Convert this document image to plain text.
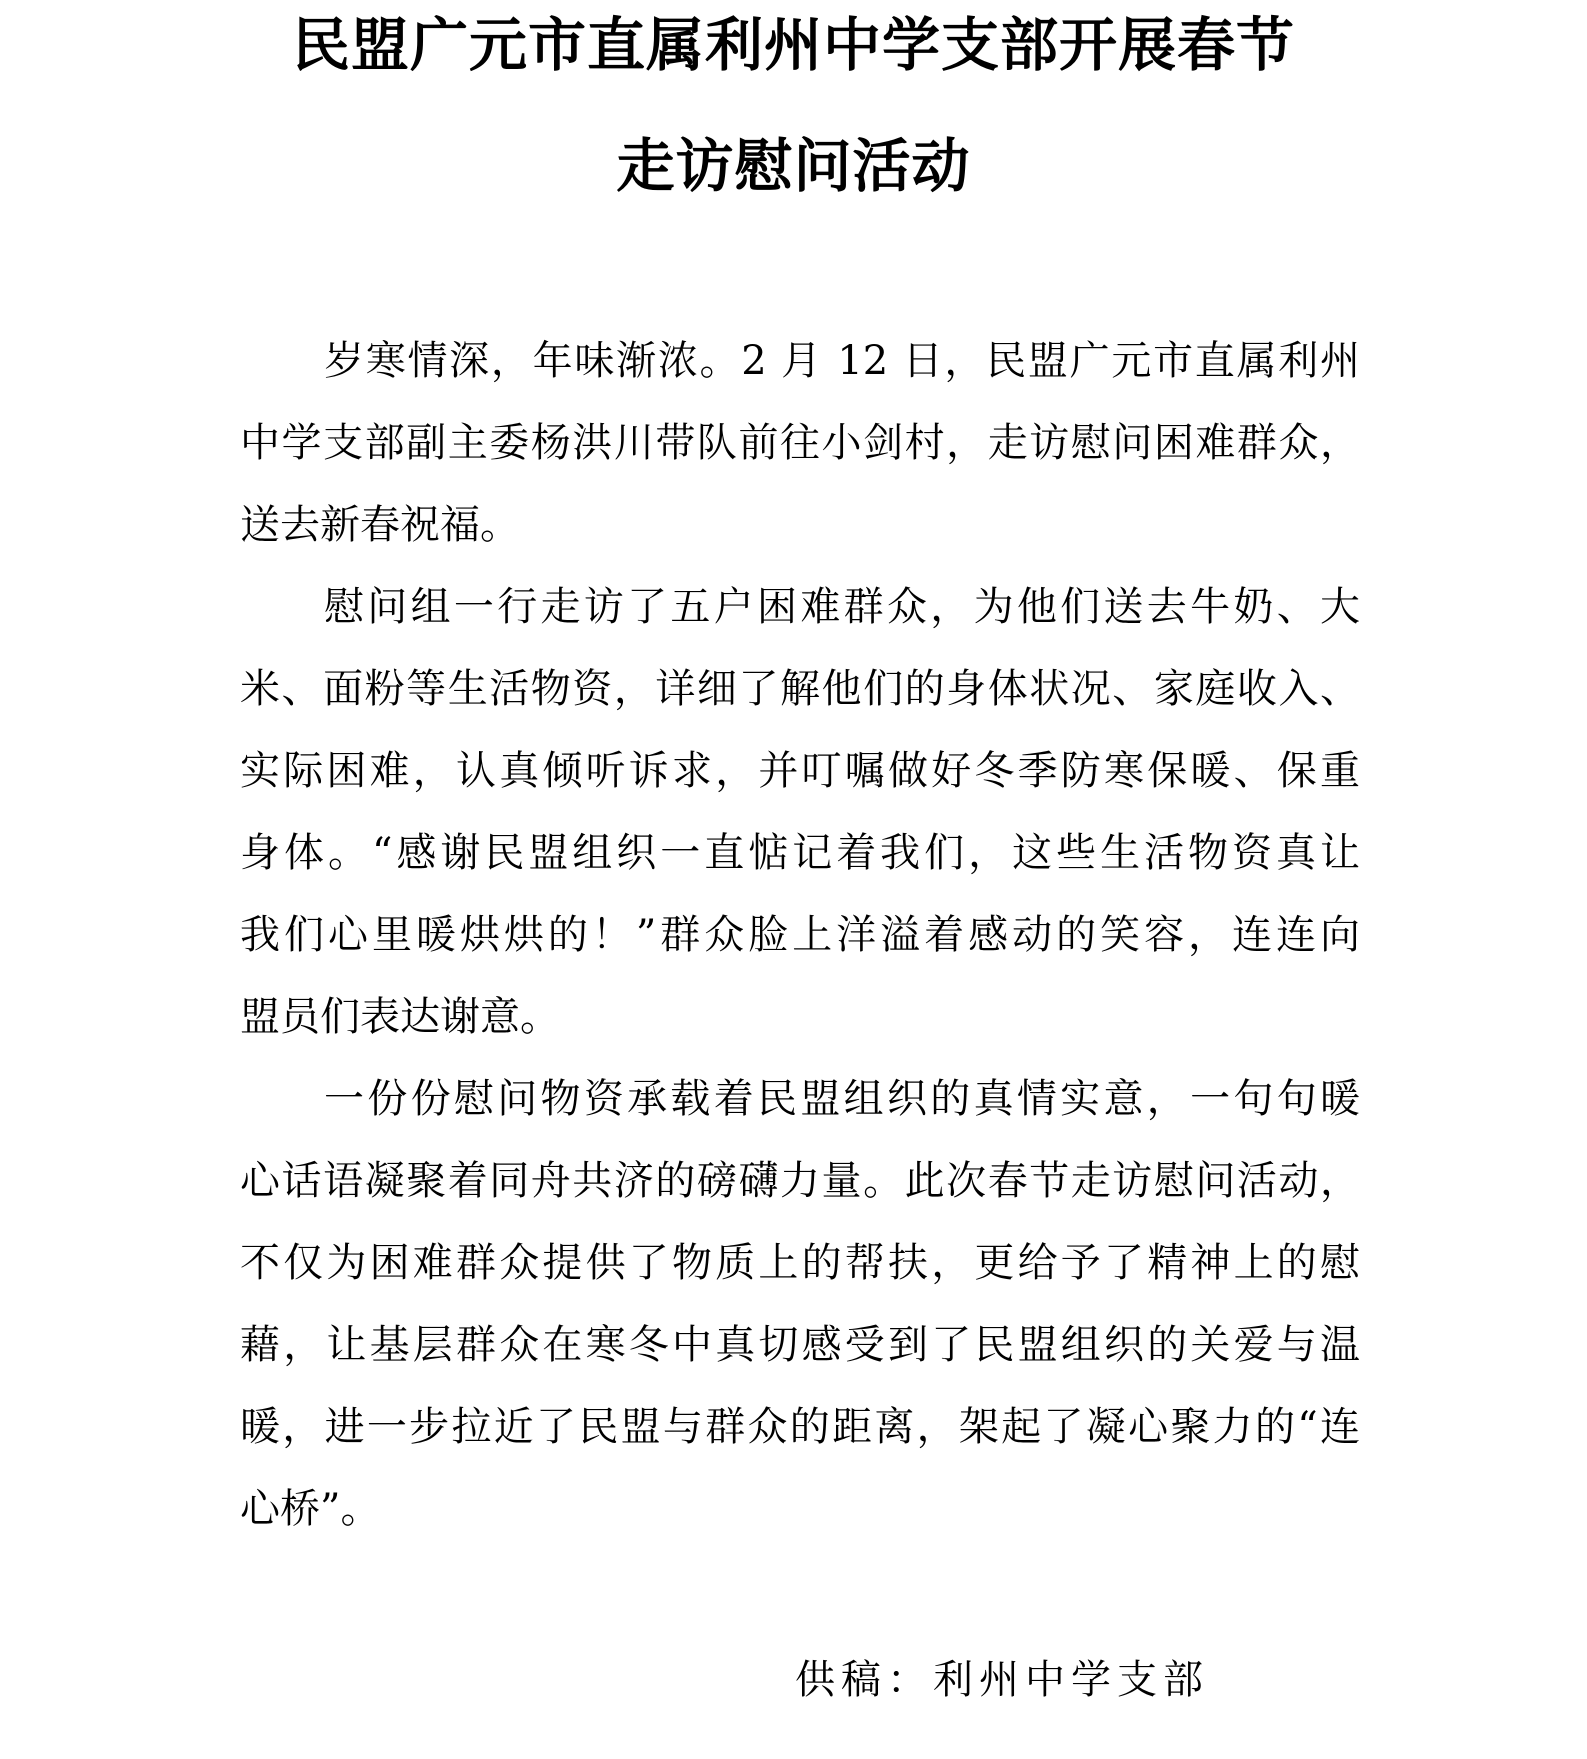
民盟广元市直属利州中学支部开展春节
走访慰问活动
岁寒情深，年味渐浓。2 月 12 日，民盟广元市直属利州
中学支部副主委杨洪川带队前往小剑村，走访慰问困难群众，
送去新春祝福。
慰问组一行走访了五户困难群众，为他们送去牛奶、大
米、面粉等生活物资，详细了解他们的身体状况、家庭收入、
实际困难，认真倾听诉求，并叮嘱做好冬季防寒保暖、保重
身体。“感谢民盟组织一直惦记着我们，这些生活物资真让
我们心里暖烘烘的！”群众脸上洋溢着感动的笑容，连连向
盟员们表达谢意。
一份份慰问物资承载着民盟组织的真情实意，一句句暖
心话语凝聚着同舟共济的磅礴力量。此次春节走访慰问活动，
不仅为困难群众提供了物质上的帮扶，更给予了精神上的慰
藉，让基层群众在寒冬中真切感受到了民盟组织的关爱与温
暖，进一步拉近了民盟与群众的距离，架起了凝心聚力的“连
心桥”。
供稿：利州中学支部
